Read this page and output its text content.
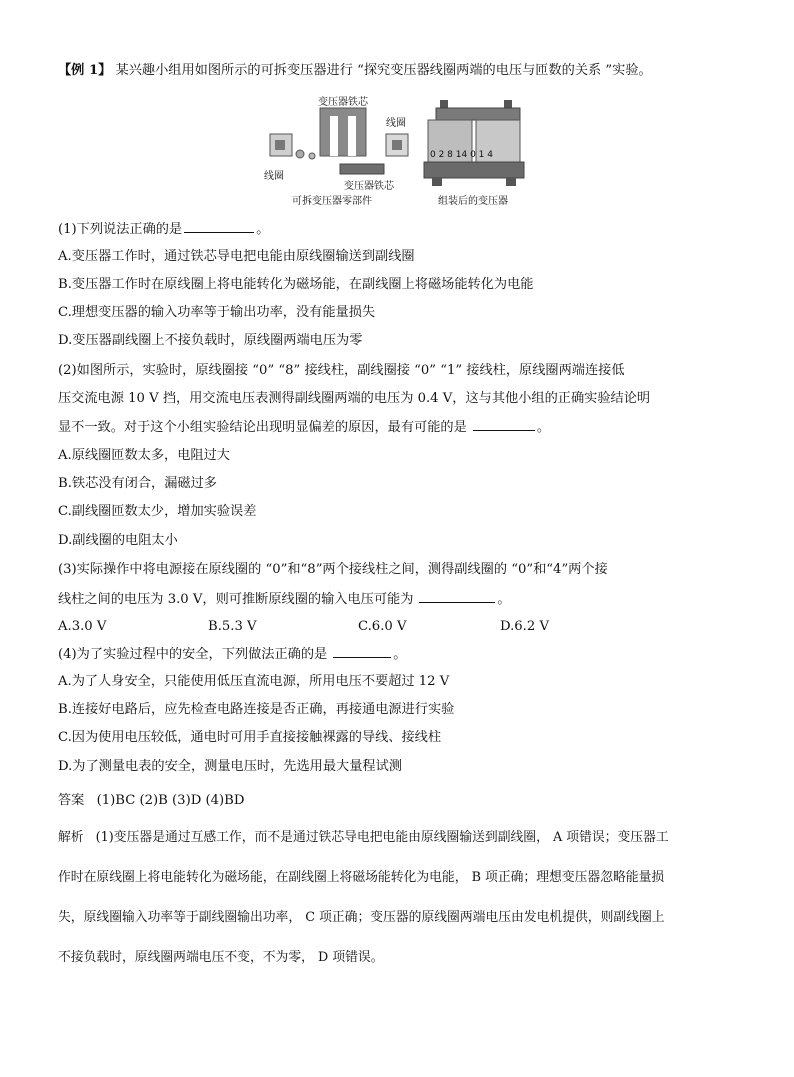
【例 1】 某兴趣小组用如图所示的可拆变压器进行 “探究变压器线圈两端的电压与匝数的关系 ”实验。
变压器铁芯
线圈
线圈
变压器铁芯
可拆变压器零部件
0 2 8 14 0 1 4
组装后的变压器
(1)下列说法正确的是	。
A.变压器工作时，通过铁芯导电把电能由原线圈输送到副线圈
B.变压器工作时在原线圈上将电能转化为磁场能，在副线圈上将磁场能转化为电能
C.理想变压器的输入功率等于输出功率，没有能量损失
D.变压器副线圈上不接负载时，原线圈两端电压为零
(2)如图所示，实验时，原线圈接 “0” “8” 接线柱，副线圈接 “0” “1” 接线柱，原线圈两端连接低
压交流电源 10 V 挡，用交流电压表测得副线圈两端的电压为 0.4 V，这与其他小组的正确实验结论明
显不一致。对于这个小组实验结论出现明显偏差的原因，最有可能的是	。
A.原线圈匝数太多，电阻过大
B.铁芯没有闭合，漏磁过多
C.副线圈匝数太少，增加实验误差
D.副线圈的电阻太小
(3)实际操作中将电源接在原线圈的 “0”和“8”两个接线柱之间，测得副线圈的 “0”和“4”两个接
线柱之间的电压为 3.0 V，则可推断原线圈的输入电压可能为	。
A.3.0 V	B.5.3 V	C.6.0 V	D.6.2 V
(4)为了实验过程中的安全，下列做法正确的是	。
A.为了人身安全，只能使用低压直流电源，所用电压不要超过 12 V
B.连接好电路后，应先检查电路连接是否正确，再接通电源进行实验
C.因为使用电压较低，通电时可用手直接接触裸露的导线、接线柱
D.为了测量电表的安全，测量电压时，先选用最大量程试测
答案 (1)BC (2)B (3)D (4)BD
解析 (1)变压器是通过互感工作，而不是通过铁芯导电把电能由原线圈输送到副线圈， A 项错误；变压器工
作时在原线圈上将电能转化为磁场能，在副线圈上将磁场能转化为电能， B 项正确；理想变压器忽略能量损
失，原线圈输入功率等于副线圈输出功率， C 项正确；变压器的原线圈两端电压由发电机提供，则副线圈上
不接负载时，原线圈两端电压不变，不为零， D 项错误。
